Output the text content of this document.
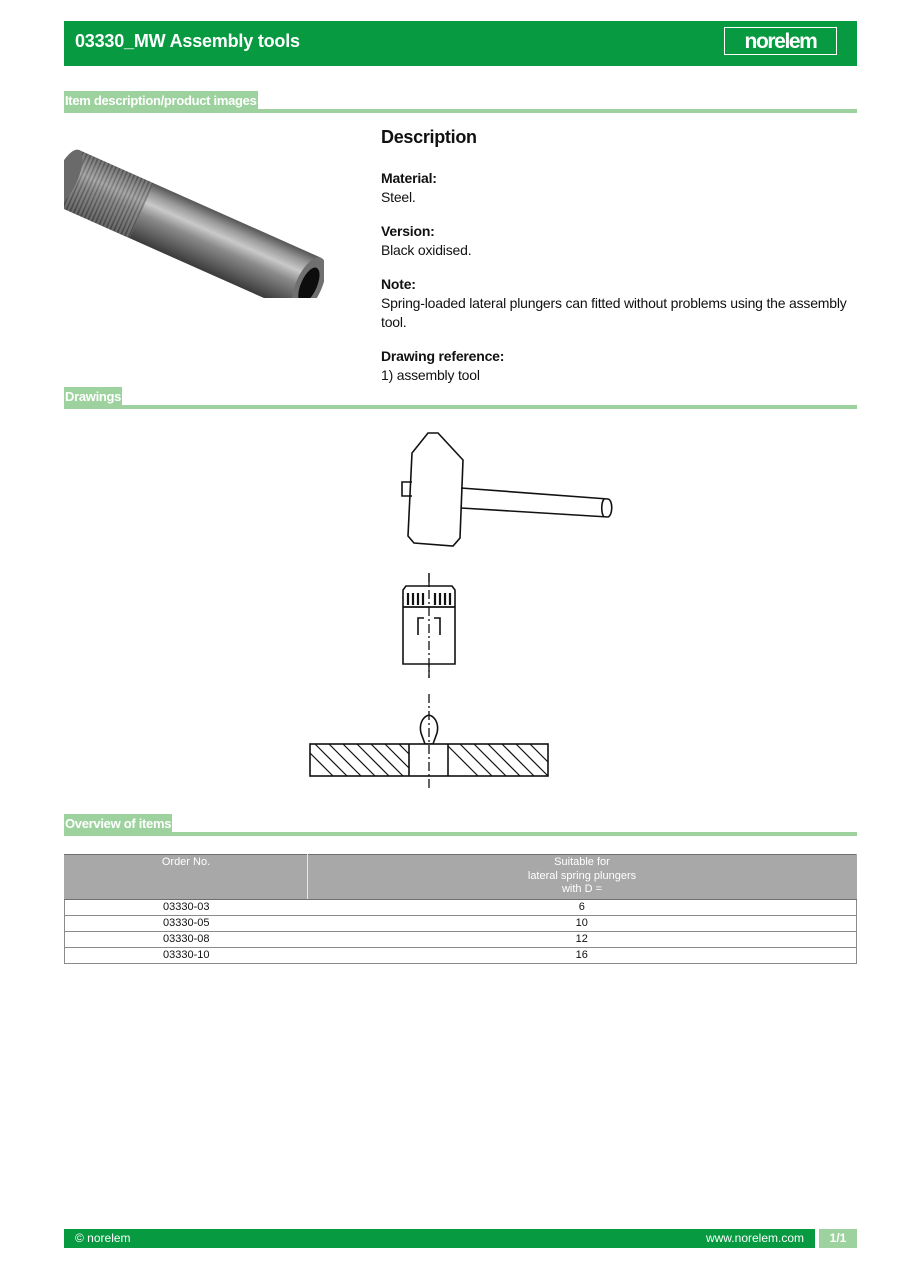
03330_MW Assembly tools	norelem
Item description/product images
Description
Material:
Steel.
Version:
Black oxidised.
Note:
Spring-loaded lateral plungers can fitted without problems using the assembly tool.
Drawing reference:
1) assembly tool
Drawings
Overview of items
Order No.	Suitable for
lateral spring plungers
with D =

03330-03	6
03330-05	10
03330-08	12
03330-10	16
© norelem	www.norelem.com	1/1
